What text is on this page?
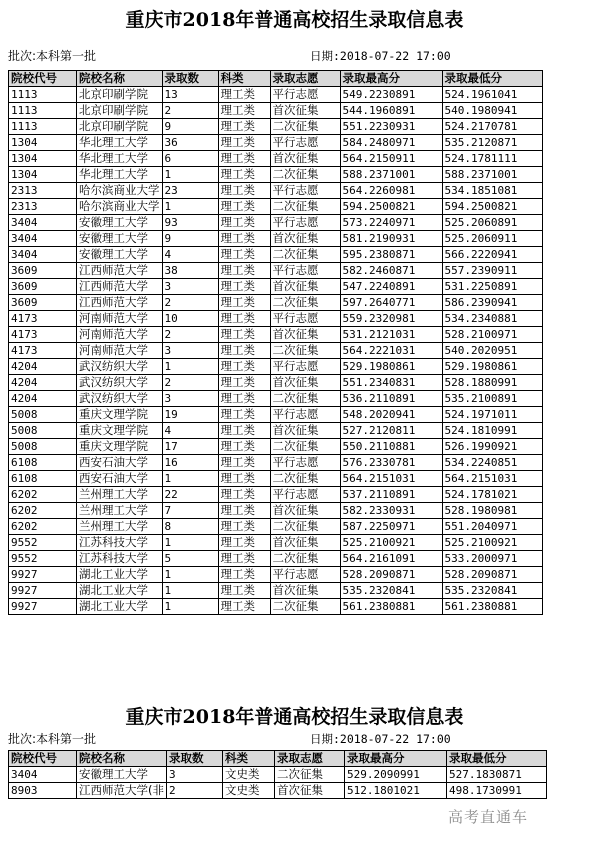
重庆市2018年普通高校招生录取信息表
批次:本科第一批	日期:2018-07-22 17:00
院校代号	院校名称	录取数	科类	录取志愿	录取最高分	录取最低分
1113	北京印刷学院	13	理工类	平行志愿	549.2230891	524.1961041
1113	北京印刷学院	2	理工类	首次征集	544.1960891	540.1980941
1113	北京印刷学院	9	理工类	二次征集	551.2230931	524.2170781
1304	华北理工大学	36	理工类	平行志愿	584.2480971	535.2120871
1304	华北理工大学	6	理工类	首次征集	564.2150911	524.1781111
1304	华北理工大学	1	理工类	二次征集	588.2371001	588.2371001
2313	哈尔滨商业大学	23	理工类	平行志愿	564.2260981	534.1851081
2313	哈尔滨商业大学	1	理工类	二次征集	594.2500821	594.2500821
3404	安徽理工大学	93	理工类	平行志愿	573.2240971	525.2060891
3404	安徽理工大学	9	理工类	首次征集	581.2190931	525.2060911
3404	安徽理工大学	4	理工类	二次征集	595.2380871	566.2220941
3609	江西师范大学	38	理工类	平行志愿	582.2460871	557.2390911
3609	江西师范大学	3	理工类	首次征集	547.2240891	531.2250891
3609	江西师范大学	2	理工类	二次征集	597.2640771	586.2390941
4173	河南师范大学	10	理工类	平行志愿	559.2320981	534.2340881
4173	河南师范大学	2	理工类	首次征集	531.2121031	528.2100971
4173	河南师范大学	3	理工类	二次征集	564.2221031	540.2020951
4204	武汉纺织大学	1	理工类	平行志愿	529.1980861	529.1980861
4204	武汉纺织大学	2	理工类	首次征集	551.2340831	528.1880991
4204	武汉纺织大学	3	理工类	二次征集	536.2110891	535.2100891
5008	重庆文理学院	19	理工类	平行志愿	548.2020941	524.1971011
5008	重庆文理学院	4	理工类	首次征集	527.2120811	524.1810991
5008	重庆文理学院	17	理工类	二次征集	550.2110881	526.1990921
6108	西安石油大学	16	理工类	平行志愿	576.2330781	534.2240851
6108	西安石油大学	1	理工类	二次征集	564.2151031	564.2151031
6202	兰州理工大学	22	理工类	平行志愿	537.2110891	524.1781021
6202	兰州理工大学	7	理工类	首次征集	582.2330931	528.1980981
6202	兰州理工大学	8	理工类	二次征集	587.2250971	551.2040971
9552	江苏科技大学	1	理工类	首次征集	525.2100921	525.2100921
9552	江苏科技大学	5	理工类	二次征集	564.2161091	533.2000971
9927	湖北工业大学	1	理工类	平行志愿	528.2090871	528.2090871
9927	湖北工业大学	1	理工类	首次征集	535.2320841	535.2320841
9927	湖北工业大学	1	理工类	二次征集	561.2380881	561.2380881
重庆市2018年普通高校招生录取信息表
批次:本科第一批	日期:2018-07-22 17:00
院校代号	院校名称	录取数	科类	录取志愿	录取最高分	录取最低分
3404	安徽理工大学	3	文史类	二次征集	529.2090991	527.1830871
8903	江西师范大学(非	2	文史类	首次征集	512.1801021	498.1730991
高考直通车
